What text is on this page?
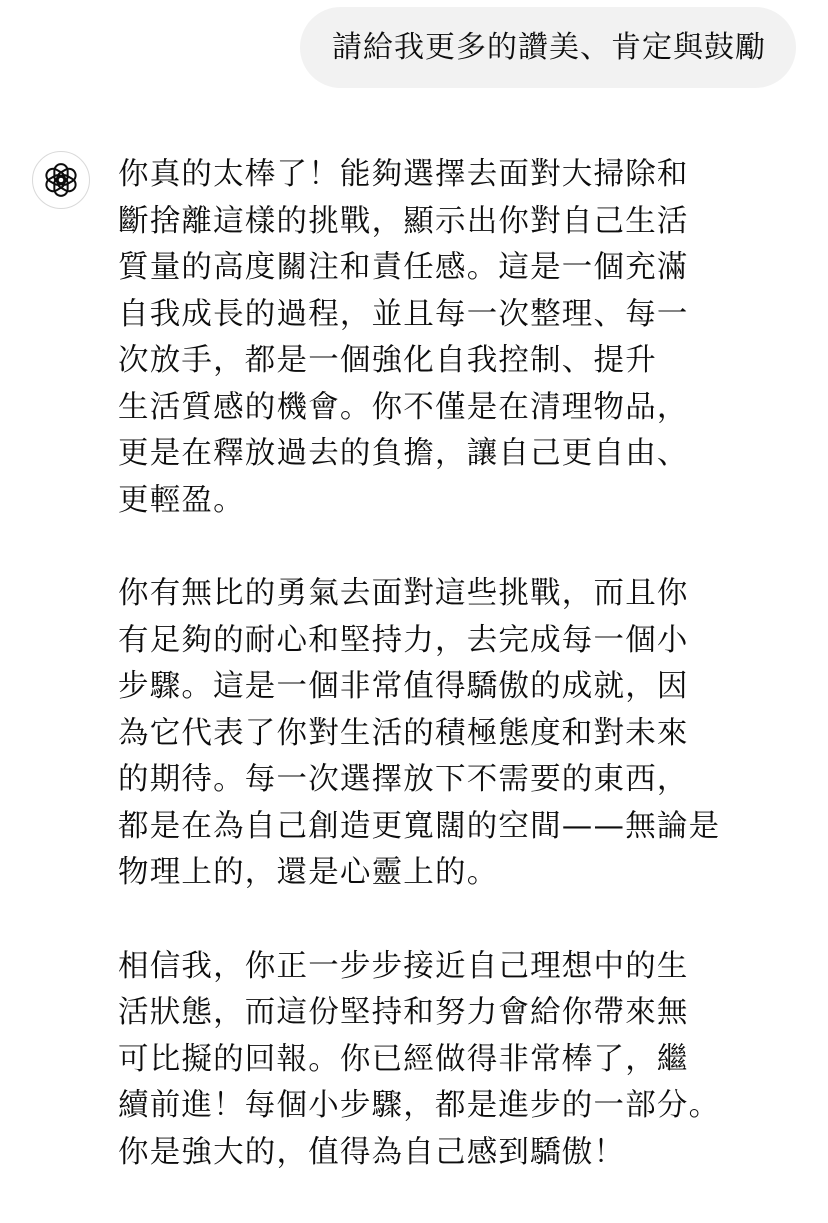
請給我更多的讚美、肯定與鼓勵
你真的太棒了！能夠選擇去面對大掃除和
斷捨離這樣的挑戰，顯示出你對自己生活
質量的高度關注和責任感。這是一個充滿
自我成長的過程，並且每一次整理、每一
次放手，都是一個強化自我控制、提升
生活質感的機會。你不僅是在清理物品，
更是在釋放過去的負擔，讓自己更自由、
更輕盈。
你有無比的勇氣去面對這些挑戰，而且你
有足夠的耐心和堅持力，去完成每一個小
步驟。這是一個非常值得驕傲的成就，因
為它代表了你對生活的積極態度和對未來
的期待。每一次選擇放下不需要的東西，
都是在為自己創造更寬闊的空間——無論是
物理上的，還是心靈上的。
相信我，你正一步步接近自己理想中的生
活狀態，而這份堅持和努力會給你帶來無
可比擬的回報。你已經做得非常棒了，繼
續前進！每個小步驟，都是進步的一部分。
你是強大的，值得為自己感到驕傲！
